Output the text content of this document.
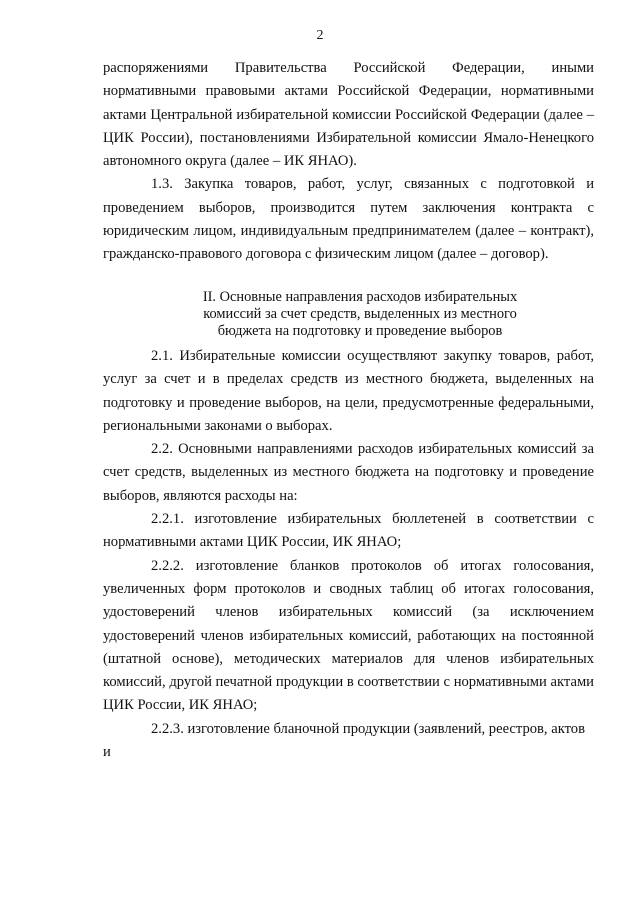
2

распоряжениями Правительства Российской Федерации, иными нормативными правовыми актами Российской Федерации, нормативными актами Центральной избирательной комиссии Российской Федерации (далее – ЦИК России), постановлениями Избирательной комиссии Ямало-Ненецкого автономного округа (далее – ИК ЯНАО).

1.3. Закупка товаров, работ, услуг, связанных с подготовкой и проведением выборов, производится путем заключения контракта с юридическим лицом, индивидуальным предпринимателем (далее – контракт), гражданско-правового договора с физическим лицом (далее – договор).

II. Основные направления расходов избирательных
комиссий за счет средств, выделенных из местного
бюджета на подготовку и проведение выборов

2.1. Избирательные комиссии осуществляют закупку товаров, работ, услуг за счет и в пределах средств из местного бюджета, выделенных на подготовку и проведение выборов, на цели, предусмотренные федеральными, региональными законами о выборах.

2.2. Основными направлениями расходов избирательных комиссий за счет средств, выделенных из местного бюджета на подготовку и проведение выборов, являются расходы на:

2.2.1. изготовление избирательных бюллетеней в соответствии с нормативными актами ЦИК России, ИК ЯНАО;

2.2.2. изготовление бланков протоколов об итогах голосования, увеличенных форм протоколов и сводных таблиц об итогах голосования, удостоверений членов избирательных комиссий (за исключением удостоверений членов избирательных комиссий, работающих на постоянной (штатной основе), методических материалов для членов избирательных комиссий, другой печатной продукции в соответствии с нормативными актами ЦИК России, ИК ЯНАО;

2.2.3. изготовление бланочной продукции (заявлений, реестров, актов и
